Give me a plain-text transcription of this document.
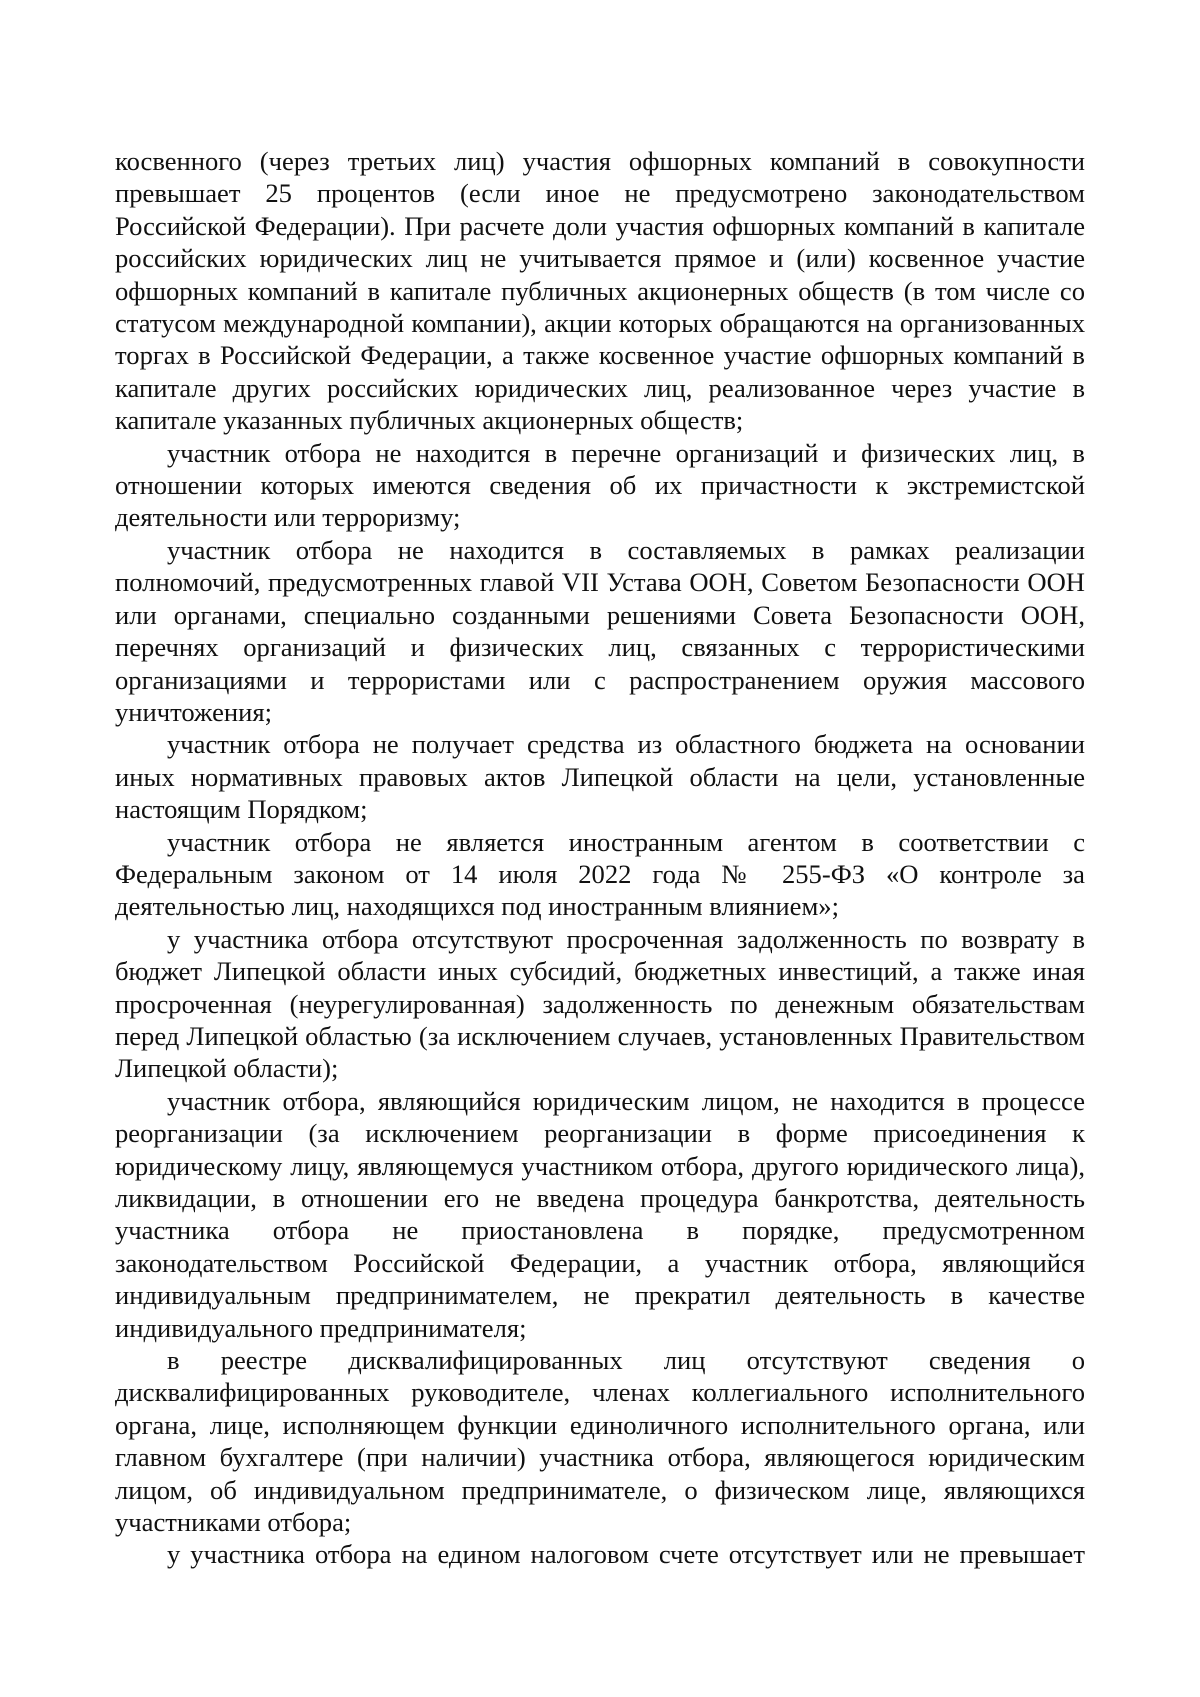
косвенного (через третьих лиц) участия офшорных компаний в совокупности превышает 25 процентов (если иное не предусмотрено законодательством Российской Федерации). При расчете доли участия офшорных компаний в капитале российских юридических лиц не учитывается прямое и (или) косвенное участие офшорных компаний в капитале публичных акционерных обществ (в том числе со статусом международной компании), акции которых обращаются на организованных торгах в Российской Федерации, а также косвенное участие офшорных компаний в капитале других российских юридических лиц, реализованное через участие в капитале указанных публичных акционерных обществ;

участник отбора не находится в перечне организаций и физических лиц, в отношении которых имеются сведения об их причастности к экстремистской деятельности или терроризму;

участник отбора не находится в составляемых в рамках реализации полномочий, предусмотренных главой VII Устава ООН, Советом Безопасности ООН или органами, специально созданными решениями Совета Безопасности ООН, перечнях организаций и физических лиц, связанных с террористическими организациями и террористами или с распространением оружия массового уничтожения;

участник отбора не получает средства из областного бюджета на основании иных нормативных правовых актов Липецкой области на цели, установленные настоящим Порядком;

участник отбора не является иностранным агентом в соответствии с Федеральным законом от 14 июля 2022 года № 255-ФЗ «О контроле за деятельностью лиц, находящихся под иностранным влиянием»;

у участника отбора отсутствуют просроченная задолженность по возврату в бюджет Липецкой области иных субсидий, бюджетных инвестиций, а также иная просроченная (неурегулированная) задолженность по денежным обязательствам перед Липецкой областью (за исключением случаев, установленных Правительством Липецкой области);

участник отбора, являющийся юридическим лицом, не находится в процессе реорганизации (за исключением реорганизации в форме присоединения к юридическому лицу, являющемуся участником отбора, другого юридического лица), ликвидации, в отношении его не введена процедура банкротства, деятельность участника отбора не приостановлена в порядке, предусмотренном законодательством Российской Федерации, а участник отбора, являющийся индивидуальным предпринимателем, не прекратил деятельность в качестве индивидуального предпринимателя;

в реестре дисквалифицированных лиц отсутствуют сведения о дисквалифицированных руководителе, членах коллегиального исполнительного органа, лице, исполняющем функции единоличного исполнительного органа, или главном бухгалтере (при наличии) участника отбора, являющегося юридическим лицом, об индивидуальном предпринимателе, о физическом лице, являющихся участниками отбора;

у участника отбора на едином налоговом счете отсутствует или не превышает
